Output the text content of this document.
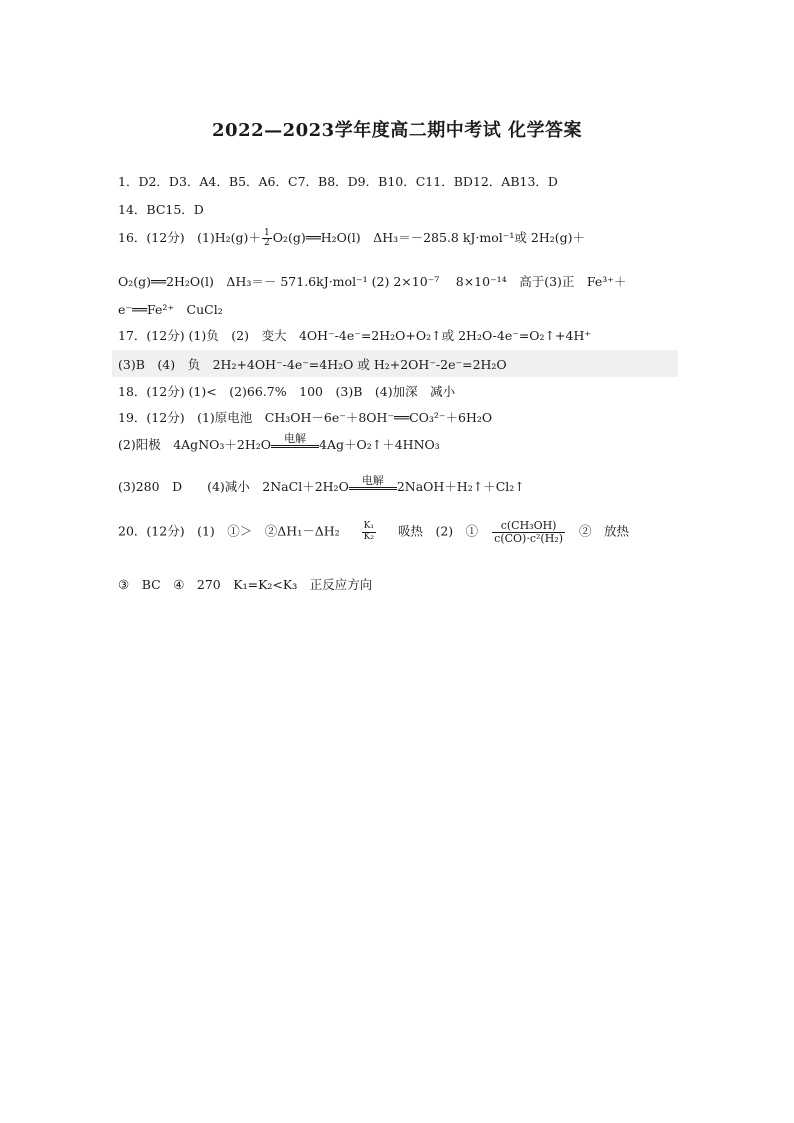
2022—2023学年度高二期中考试 化学答案
1．D2．D3．A4．B5．A6．C7．B8．D9．B10．C11．BD12．AB13．D
14．BC15．D
16．(12分)　$(1)H_2(g)+ \frac{1}{2}$ O₂(g)══H₂O(l)　ΔH₃＝－285.8 kJ·mol⁻¹或 2H₂(g)＋
O₂(g)══2H₂O(l)　ΔH₃＝－ 571.6kJ·mol⁻¹ (2) 2×10⁻⁷　 8×10⁻¹⁴　高于(3)正　Fe³⁺＋
e⁻══Fe²⁺　CuCl₂
17．(12分) (1)负　(2)　变大　4OH⁻-4e⁻=2H₂O+O₂↑或 2H₂O-4e⁻=O₂↑+4H⁺
(3)B　(4)　负　2H₂+4OH⁻-4e⁻=4H₂O 或 H₂+2OH⁻-2e⁻=2H₂O
18．(12分) (1)<　(2)66.7%　100　(3)B　(4)加深　减小
19．(12分)　(1)原电池　CH₃OH－6e⁻＋8OH⁻══CO₃²⁻＋6H₂O
(2)阳极　4AgNO₃＋2H₂O	电解	4Ag＋O₂↑＋4HNO₃
(3)280　D　　(4)减小　2NaCl＋2H₂O	电解	2NaOH＋H₂↑＋Cl₂↑
20．(12分)　(1)　①＞　②ΔH₁－ΔH₂ $\frac{\text{K₁}}{\text{K₂}}$ 吸热　(2)　① $\frac{\text{c(CH₃OH)}}{\text{c(CO)·c²(H₂)}}$ ②　放热
③　BC　④　270　K₁=K₂<K₃　正反应方向
